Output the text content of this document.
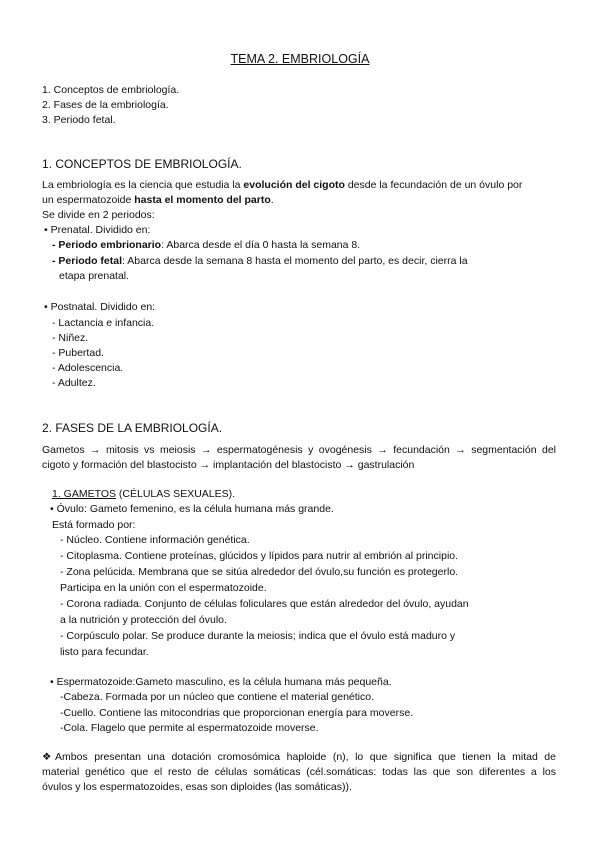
TEMA 2. EMBRIOLOGÍA
1. Conceptos de embriología.
2. Fases de la embriología.
3. Periodo fetal.
1. CONCEPTOS DE EMBRIOLOGÍA.
La embriología es la ciencia que estudia la evolución del cigoto desde la fecundación de un óvulo por
un espermatozoide hasta el momento del parto.
Se divide en 2 periodos:
• Prenatal. Dividido en:
- Periodo embrionario: Abarca desde el día 0 hasta la semana 8.
- Periodo fetal: Abarca desde la semana 8 hasta el momento del parto, es decir, cierra la
etapa prenatal.
• Postnatal. Dividido en:
- Lactancia e infancia.
- Niñez.
- Pubertad.
- Adolescencia.
- Adultez.
2. FASES DE LA EMBRIOLOGÍA.
Gametos → mitosis vs meiosis → espermatogénesis y ovogénesis → fecundación → segmentación del
cigoto y formación del blastocisto → implantación del blastocisto → gastrulación
1. GAMETOS (CÉLULAS SEXUALES).
• Óvulo: Gameto femenino, es la célula humana más grande.
Está formado por:
- Núcleo. Contiene información genética.
- Citoplasma. Contiene proteínas, glúcidos y lípidos para nutrir al embrión al principio.
- Zona pelúcida. Membrana que se sitúa alrededor del óvulo,su función es protegerlo.
Participa en la unión con el espermatozoide.
- Corona radiada. Conjunto de células foliculares que están alrededor del óvulo, ayudan
a la nutrición y protección del óvulo.
- Corpúsculo polar. Se produce durante la meiosis; indica que el óvulo está maduro y
listo para fecundar.
• Espermatozoide:Gameto masculino, es la célula humana más pequeña.
-Cabeza. Formada por un núcleo que contiene el material genético.
-Cuello. Contiene las mitocondrias que proporcionan energía para moverse.
-Cola. Flagelo que permite al espermatozoide moverse.
❖Ambos presentan una dotación cromosómica haploide (n), lo que significa que tienen la mitad de
material genético que el resto de células somáticas (cél.somáticas: todas las que son diferentes a los
óvulos y los espermatozoides, esas son diploides (las somáticas)).
